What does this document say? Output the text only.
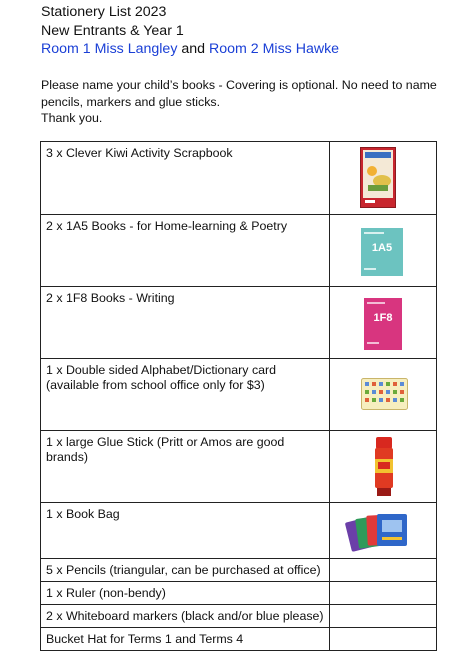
Stationery List 2023
New Entrants & Year 1
Room 1 Miss Langley and Room 2 Miss Hawke
Please name your child’s books - Covering is optional. No need to name pencils, markers and glue sticks.
Thank you.
3 x Clever Kiwi Activity Scrapbook	

2 x 1A5 Books - for Home-learning & Poetry	1A5

2 x 1F8 Books - Writing	1F8

1 x Double sided Alphabet/Dictionary card (available from school office only for $3)	

1 x large Glue Stick (Pritt or Amos are good brands)	

1 x Book Bag	

5 x Pencils (triangular, can be purchased at office)	
1 x Ruler (non-bendy)	
2 x Whiteboard markers (black and/or blue please)	
Bucket Hat for Terms 1 and Terms 4	
